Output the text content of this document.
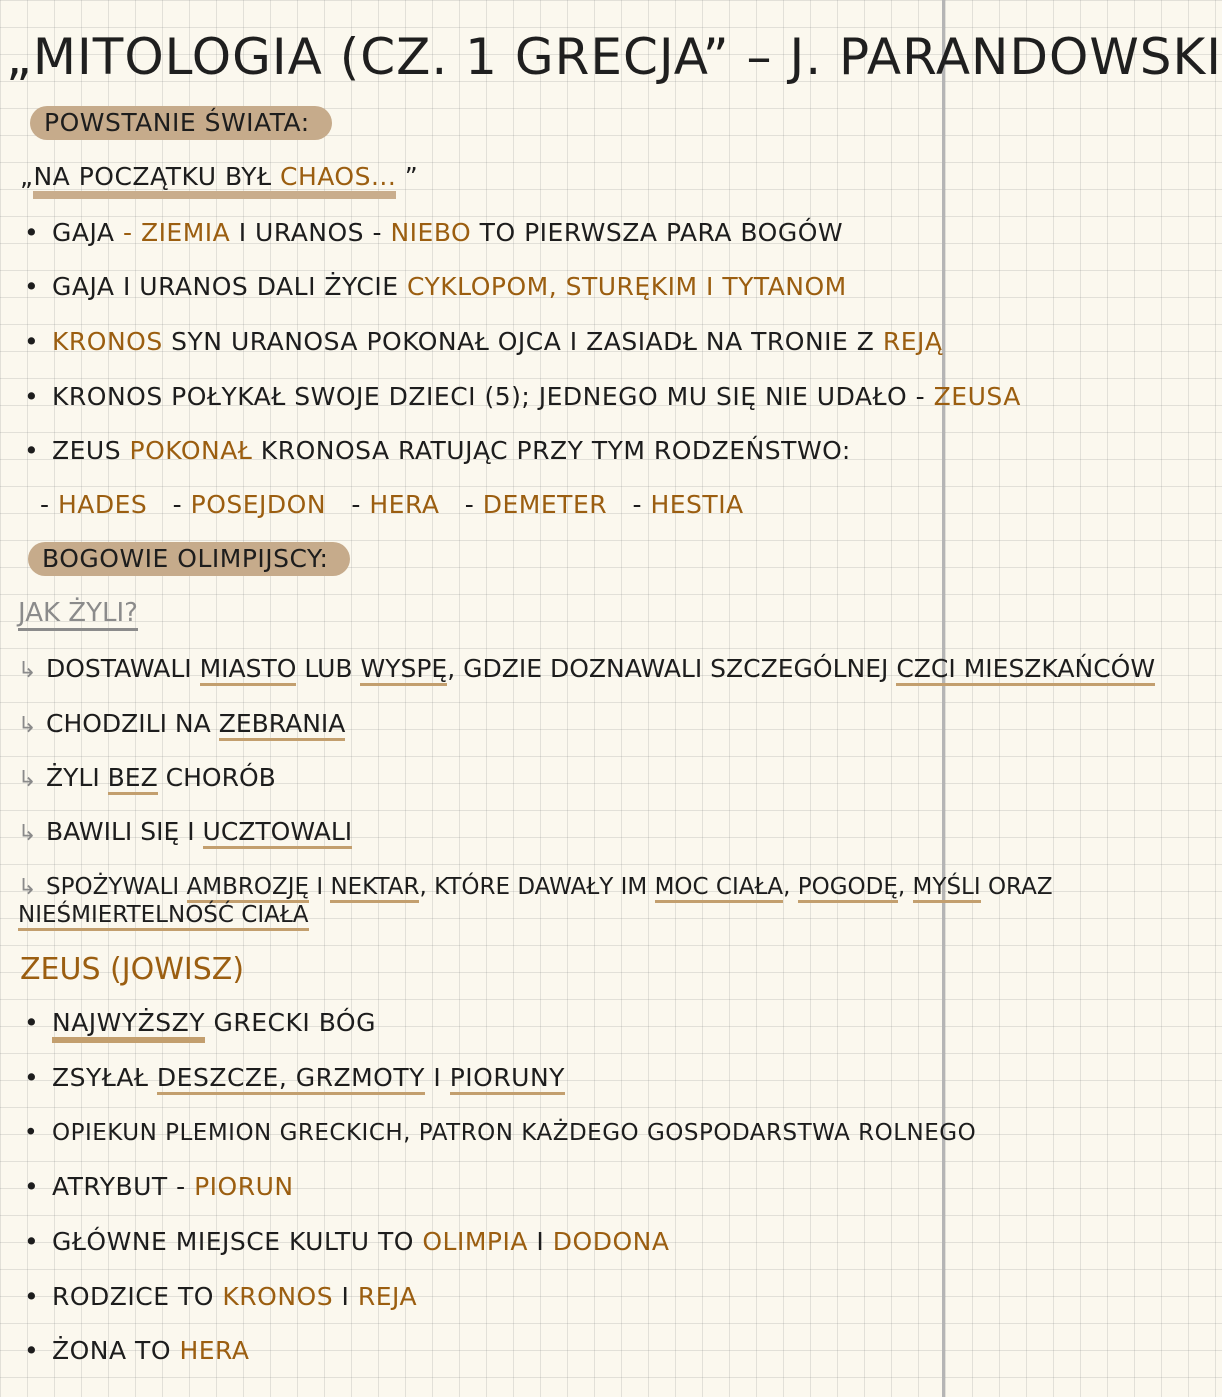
„MITOLOGIA (CZ. 1 GRECJA” – J. PARANDOWSKI
POWSTANIE ŚWIATA:
„NA POCZĄTKU BYŁ CHAOS... ”
• GAJA - ZIEMIA I URANOS - NIEBO TO PIERWSZA PARA BOGÓW
• GAJA I URANOS DALI ŻYCIE CYKLOPOM, STURĘKIM I TYTANOM
• KRONOS SYN URANOSA POKONAŁ OJCA I ZASIADŁ NA TRONIE Z REJĄ
• KRONOS POŁYKAŁ SWOJE DZIECI (5); JEDNEGO MU SIĘ NIE UDAŁO - ZEUSA
• ZEUS POKONAŁ KRONOSA RATUJĄC PRZY TYM RODZEŃSTWO:
- HADES   - POSEJDON   - HERA   - DEMETER   - HESTIA
BOGOWIE OLIMPIJSCY:
JAK ŻYLI?
↳ DOSTAWALI MIASTO LUB WYSPĘ, GDZIE DOZNAWALI SZCZEGÓLNEJ CZCI MIESZKAŃCÓW
↳ CHODZILI NA ZEBRANIA
↳ ŻYLI BEZ CHORÓB
↳ BAWILI SIĘ I UCZTOWALI
↳ SPOŻYWALI AMBROZJĘ I NEKTAR, KTÓRE DAWAŁY IM MOC CIAŁA, POGODĘ, MYŚLI ORAZ
NIEŚMIERTELNOŚĆ CIAŁA
ZEUS (JOWISZ)
• NAJWYŻSZY GRECKI BÓG
• ZSYŁAŁ DESZCZE, GRZMOTY I PIORUNY
• OPIEKUN PLEMION GRECKICH, PATRON KAŻDEGO GOSPODARSTWA ROLNEGO
• ATRYBUT - PIORUN
• GŁÓWNE MIEJSCE KULTU TO OLIMPIA I DODONA
• RODZICE TO KRONOS I REJA
• ŻONA TO HERA
